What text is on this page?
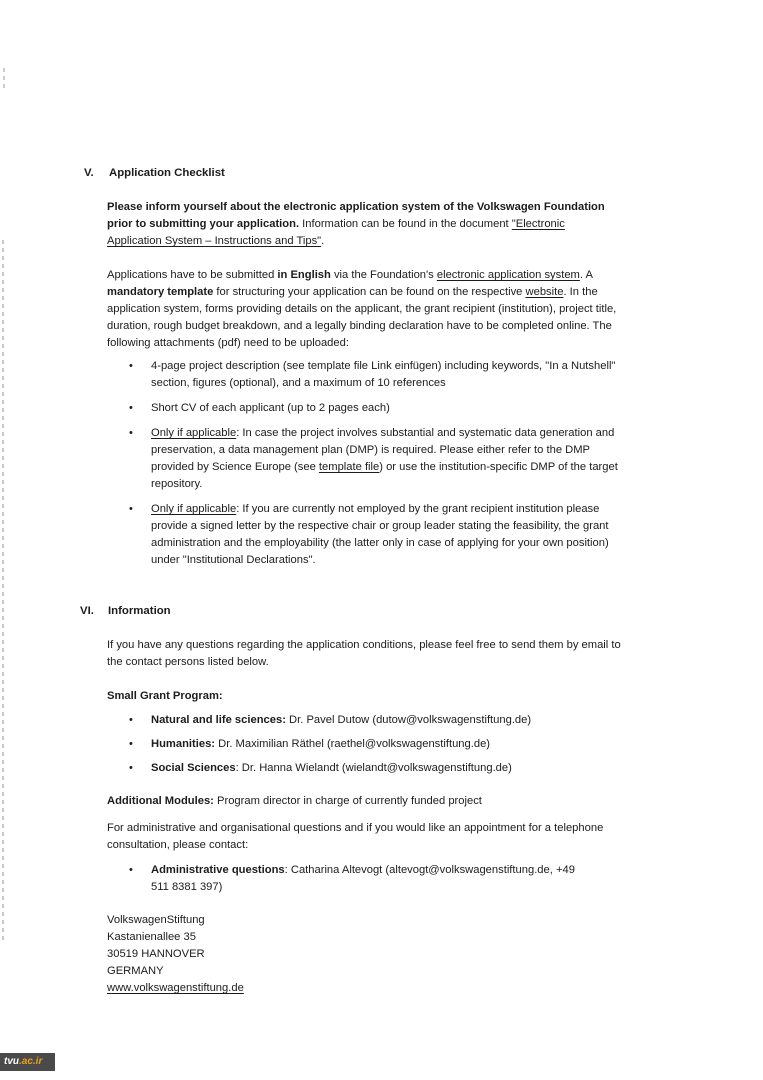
V. Application Checklist

Please inform yourself about the electronic application system of the Volkswagen Foundation prior to submitting your application. Information can be found in the document "Electronic Application System – Instructions and Tips".

Applications have to be submitted in English via the Foundation's electronic application system. A mandatory template for structuring your application can be found on the respective website. In the application system, forms providing details on the applicant, the grant recipient (institution), project title, duration, rough budget breakdown, and a legally binding declaration have to be completed online. The following attachments (pdf) need to be uploaded:

• 4-page project description (see template file Link einfügen) including keywords, "In a Nutshell" section, figures (optional), and a maximum of 10 references
• Short CV of each applicant (up to 2 pages each)
• Only if applicable: In case the project involves substantial and systematic data generation and preservation, a data management plan (DMP) is required. Please either refer to the DMP provided by Science Europe (see template file) or use the institution-specific DMP of the target repository.
• Only if applicable: If you are currently not employed by the grant recipient institution please provide a signed letter by the respective chair or group leader stating the feasibility, the grant administration and the employability (the latter only in case of applying for your own position) under "Institutional Declarations".
VI. Information

If you have any questions regarding the application conditions, please feel free to send them by email to the contact persons listed below.

Small Grant Program:
• Natural and life sciences: Dr. Pavel Dutow (dutow@volkswagenstiftung.de)
• Humanities: Dr. Maximilian Räthel (raethel@volkswagenstiftung.de)
• Social Sciences: Dr. Hanna Wielandt (wielandt@volkswagenstiftung.de)
Additional Modules: Program director in charge of currently funded project

For administrative and organisational questions and if you would like an appointment for a telephone consultation, please contact:

• Administrative questions: Catharina Altevogt (altevogt@volkswagenstiftung.de, +49 511 8381 397)
VolkswagenStiftung
Kastanienallee 35
30519 HANNOVER
GERMANY
www.volkswagenstiftung.de
tvu.ac.ir
